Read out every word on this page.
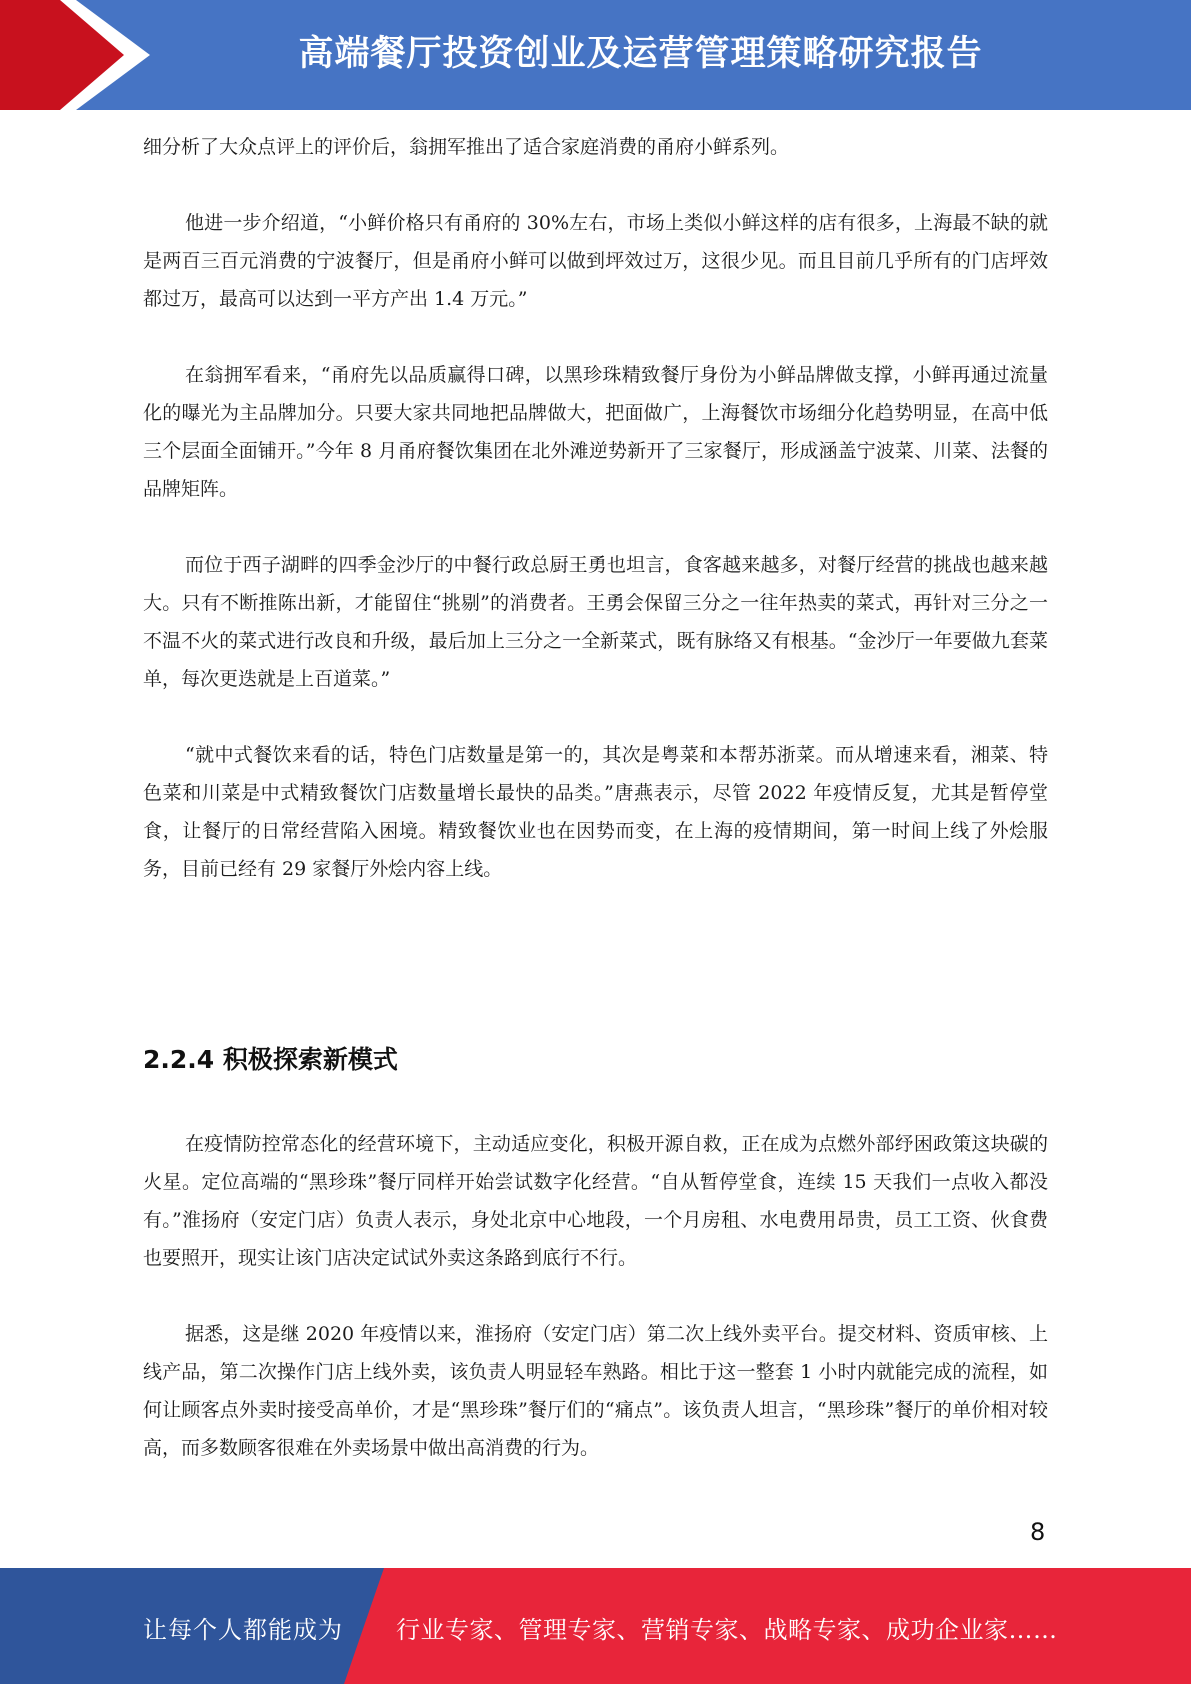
高端餐厅投资创业及运营管理策略研究报告

细分析了大众点评上的评价后，翁拥军推出了适合家庭消费的甬府小鲜系列。

他进一步介绍道，“小鲜价格只有甬府的 30%左右，市场上类似小鲜这样的店有很多，上海最不缺的就是两百三百元消费的宁波餐厅，但是甬府小鲜可以做到坪效过万，这很少见。而且目前几乎所有的门店坪效都过万，最高可以达到一平方产出 1.4 万元。”

在翁拥军看来，“甬府先以品质赢得口碑，以黑珍珠精致餐厅身份为小鲜品牌做支撑，小鲜再通过流量化的曝光为主品牌加分。只要大家共同地把品牌做大，把面做广，上海餐饮市场细分化趋势明显，在高中低三个层面全面铺开。”今年 8 月甬府餐饮集团在北外滩逆势新开了三家餐厅，形成涵盖宁波菜、川菜、法餐的品牌矩阵。

而位于西子湖畔的四季金沙厅的中餐行政总厨王勇也坦言，食客越来越多，对餐厅经营的挑战也越来越大。只有不断推陈出新，才能留住“挑剔”的消费者。王勇会保留三分之一往年热卖的菜式，再针对三分之一不温不火的菜式进行改良和升级，最后加上三分之一全新菜式，既有脉络又有根基。“金沙厅一年要做九套菜单，每次更迭就是上百道菜。”

“就中式餐饮来看的话，特色门店数量是第一的，其次是粤菜和本帮苏浙菜。而从增速来看，湘菜、特色菜和川菜是中式精致餐饮门店数量增长最快的品类。”唐燕表示，尽管 2022 年疫情反复，尤其是暂停堂食，让餐厅的日常经营陷入困境。精致餐饮业也在因势而变，在上海的疫情期间，第一时间上线了外烩服务，目前已经有 29 家餐厅外烩内容上线。

2.2.4 积极探索新模式

在疫情防控常态化的经营环境下，主动适应变化，积极开源自救，正在成为点燃外部纾困政策这块碳的火星。定位高端的“黑珍珠”餐厅同样开始尝试数字化经营。“自从暂停堂食，连续 15 天我们一点收入都没有。”淮扬府（安定门店）负责人表示，身处北京中心地段，一个月房租、水电费用昂贵，员工工资、伙食费也要照开，现实让该门店决定试试外卖这条路到底行不行。

据悉，这是继 2020 年疫情以来，淮扬府（安定门店）第二次上线外卖平台。提交材料、资质审核、上线产品，第二次操作门店上线外卖，该负责人明显轻车熟路。相比于这一整套 1 小时内就能完成的流程，如何让顾客点外卖时接受高单价，才是“黑珍珠”餐厅们的“痛点”。该负责人坦言，“黑珍珠”餐厅的单价相对较高，而多数顾客很难在外卖场景中做出高消费的行为。

8
让每个人都能成为 行业专家、管理专家、营销专家、战略专家、成功企业家……
